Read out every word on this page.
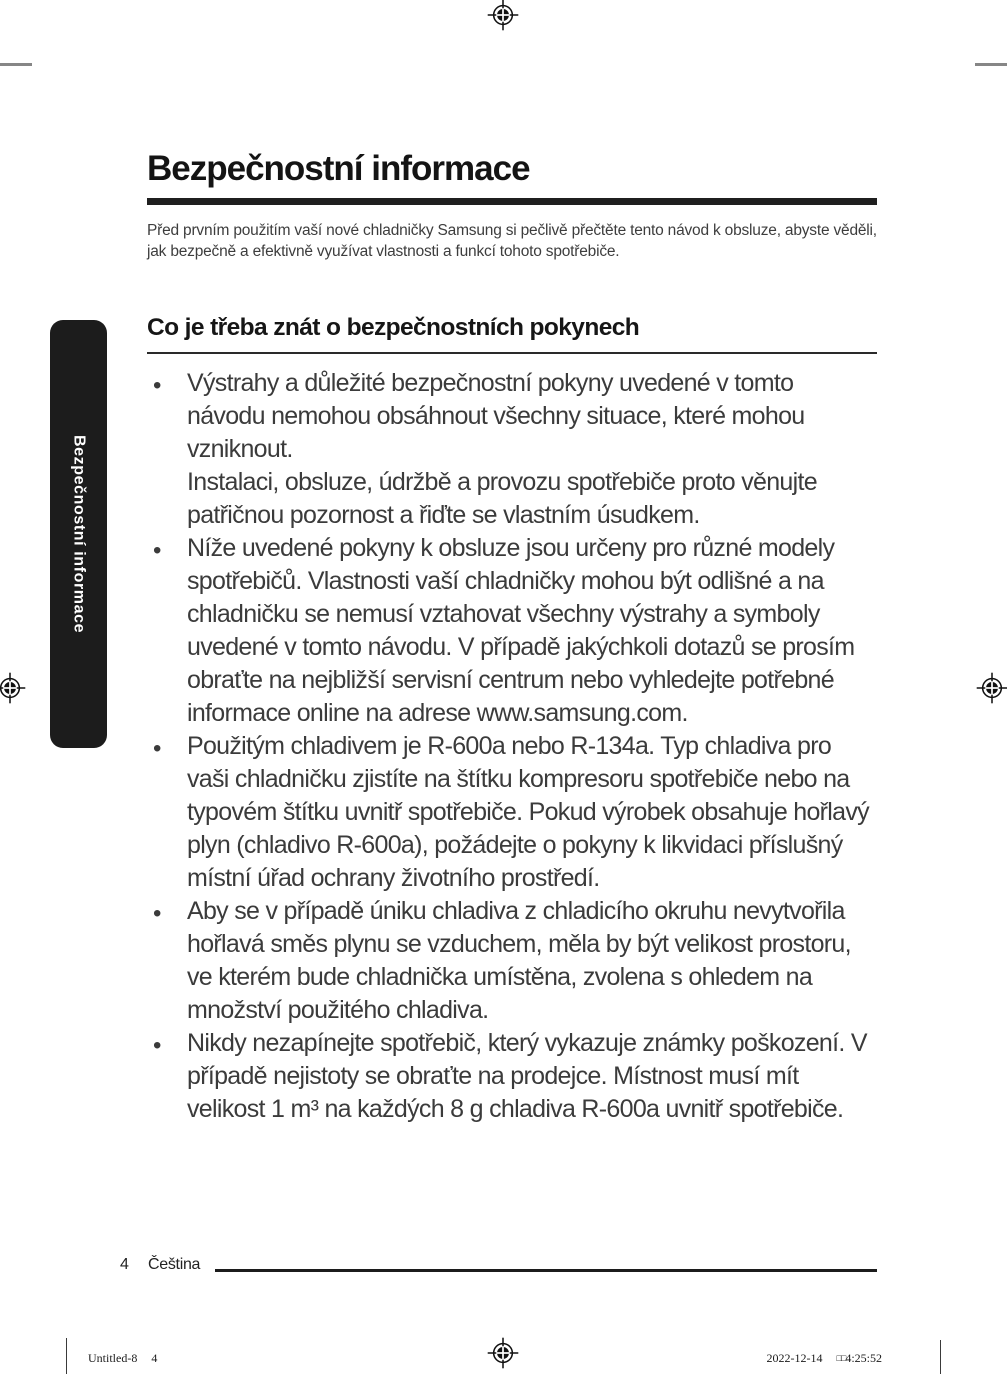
Bezpečnostní informace
Bezpečnostní informace

Před prvním použitím vaší nové chladničky Samsung si pečlivě přečtěte tento návod k obsluze, abyste věděli, jak bezpečně a efektivně využívat vlastnosti a funkcí tohoto spotřebiče.

Co je třeba znát o bezpečnostních pokynech
• Výstrahy a důležité bezpečnostní pokyny uvedené v tomto návodu nemohou obsáhnout všechny situace, které mohou vzniknout.
Instalaci, obsluze, údržbě a provozu spotřebiče proto věnujte patřičnou pozornost a řiďte se vlastním úsudkem.
• Níže uvedené pokyny k obsluze jsou určeny pro různé modely spotřebičů. Vlastnosti vaší chladničky mohou být odlišné a na chladničku se nemusí vztahovat všechny výstrahy a symboly uvedené v tomto návodu. V případě jakýchkoli dotazů se prosím obraťte na nejbližší servisní centrum nebo vyhledejte potřebné informace online na adrese www.samsung.com.
• Použitým chladivem je R-600a nebo R-134a. Typ chladiva pro vaši chladničku zjistíte na štítku kompresoru spotřebiče nebo na typovém štítku uvnitř spotřebiče. Pokud výrobek obsahuje hořlavý plyn (chladivo R-600a), požádejte o pokyny k likvidaci příslušný místní úřad ochrany životního prostředí.
• Aby se v případě úniku chladiva z chladicího okruhu nevytvořila hořlavá směs plynu se vzduchem, měla by být velikost prostoru, ve kterém bude chladnička umístěna, zvolena s ohledem na množství použitého chladiva.
• Nikdy nezapínejte spotřebič, který vykazuje známky poškození. V případě nejistoty se obraťte na prodejce. Místnost musí mít velikost 1 m³ na každých 8 g chladiva R-600a uvnitř spotřebiče.
4 Čeština
Untitled-8 4	2022-12-14 □□4:25:52
